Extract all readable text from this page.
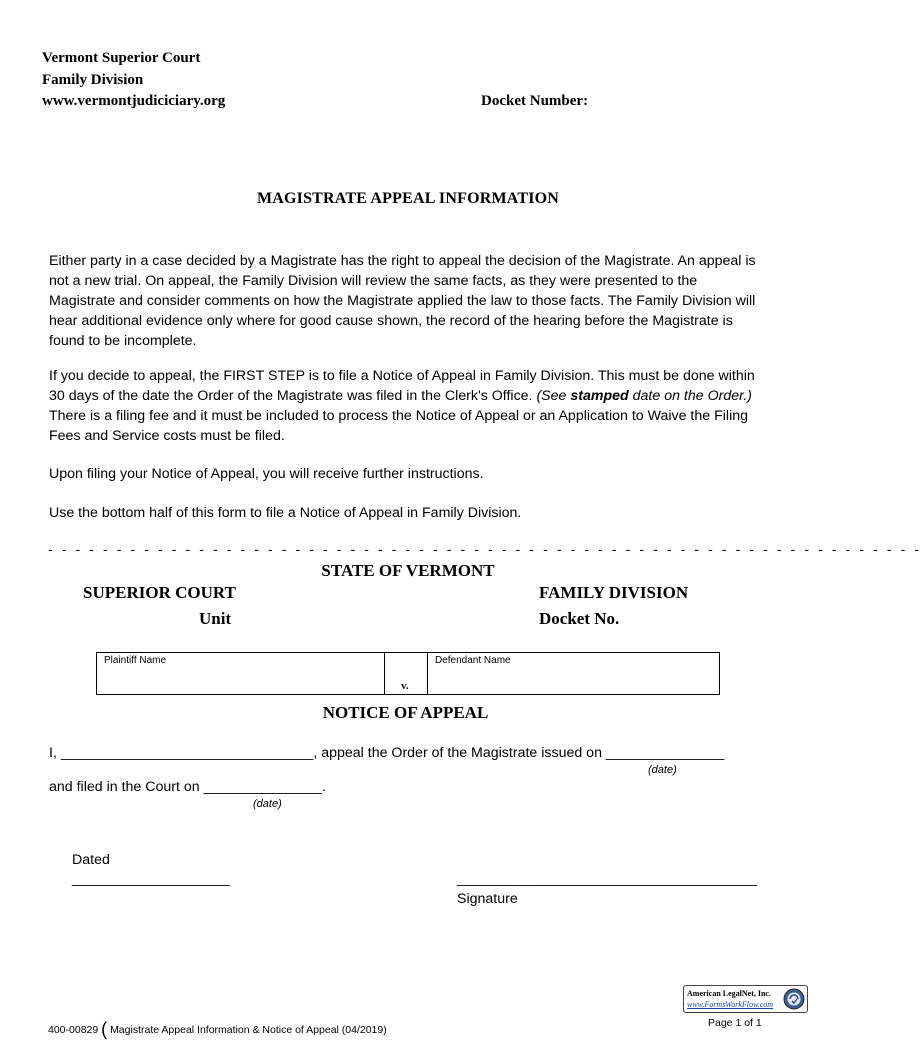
Vermont Superior Court
Family Division
www.vermontjudiciciary.org	Docket Number:
MAGISTRATE APPEAL INFORMATION

Either party in a case decided by a Magistrate has the right to appeal the decision of the Magistrate. An appeal is not a new trial. On appeal, the Family Division will review the same facts, as they were presented to the Magistrate and consider comments on how the Magistrate applied the law to those facts. The Family Division will hear additional evidence only where for good cause shown, the record of the hearing before the Magistrate is found to be incomplete.

If you decide to appeal, the FIRST STEP is to file a Notice of Appeal in Family Division. This must be done within 30 days of the date the Order of the Magistrate was filed in the Clerk's Office. (See stamped date on the Order.) There is a filing fee and it must be included to process the Notice of Appeal or an Application to Waive the Filing Fees and Service costs must be filed.

Upon filing your Notice of Appeal, you will receive further instructions.
Use the bottom half of this form to file a Notice of Appeal in Family Division.
- - - - - - - - - - - - - - - - - - - - - - - - - - - - - - - - - - - - - - - - - - - - - - - - - - - - - - - - - - - - - - - -
STATE OF VERMONT
SUPERIOR COURT
Unit
FAMILY DIVISION
Docket No.
Plaintiff Name
v.
Defendant Name
NOTICE OF APPEAL
I, ________________________________, appeal the Order of the Magistrate issued on _______________
(date)
and filed in the Court on _______________.
(date)
Dated
____________________	______________________________________
Signature
400-00829 ( Magistrate Appeal Information & Notice of Appeal (04/2019)
Page 1 of 1
American LegalNet, Inc.
www.FormsWorkFlow.com
